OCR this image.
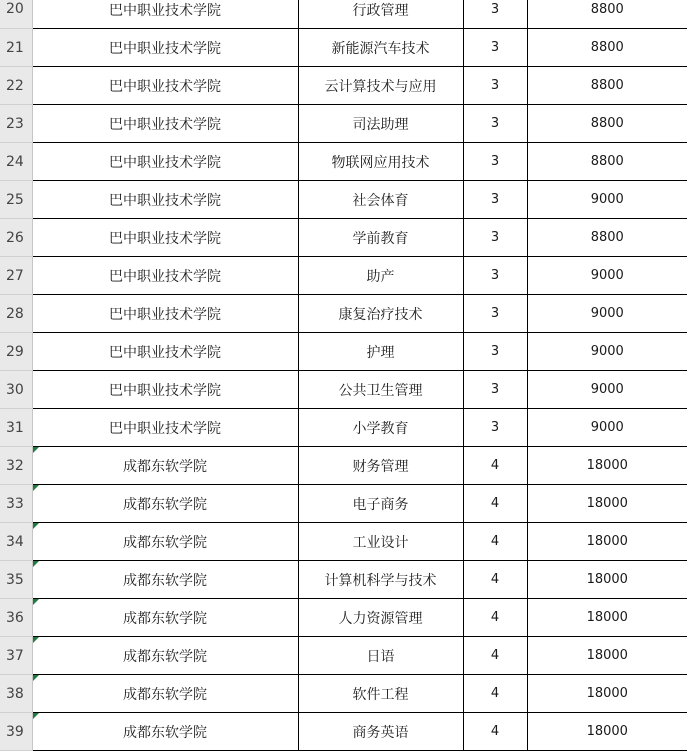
20	巴中职业技术学院	行政管理	3	8800
21	巴中职业技术学院	新能源汽车技术	3	8800
22	巴中职业技术学院	云计算技术与应用	3	8800
23	巴中职业技术学院	司法助理	3	8800
24	巴中职业技术学院	物联网应用技术	3	8800
25	巴中职业技术学院	社会体育	3	9000
26	巴中职业技术学院	学前教育	3	8800
27	巴中职业技术学院	助产	3	9000
28	巴中职业技术学院	康复治疗技术	3	9000
29	巴中职业技术学院	护理	3	9000
30	巴中职业技术学院	公共卫生管理	3	9000
31	巴中职业技术学院	小学教育	3	9000
32	成都东软学院	财务管理	4	18000
33	成都东软学院	电子商务	4	18000
34	成都东软学院	工业设计	4	18000
35	成都东软学院	计算机科学与技术	4	18000
36	成都东软学院	人力资源管理	4	18000
37	成都东软学院	日语	4	18000
38	成都东软学院	软件工程	4	18000
39	成都东软学院	商务英语	4	18000
